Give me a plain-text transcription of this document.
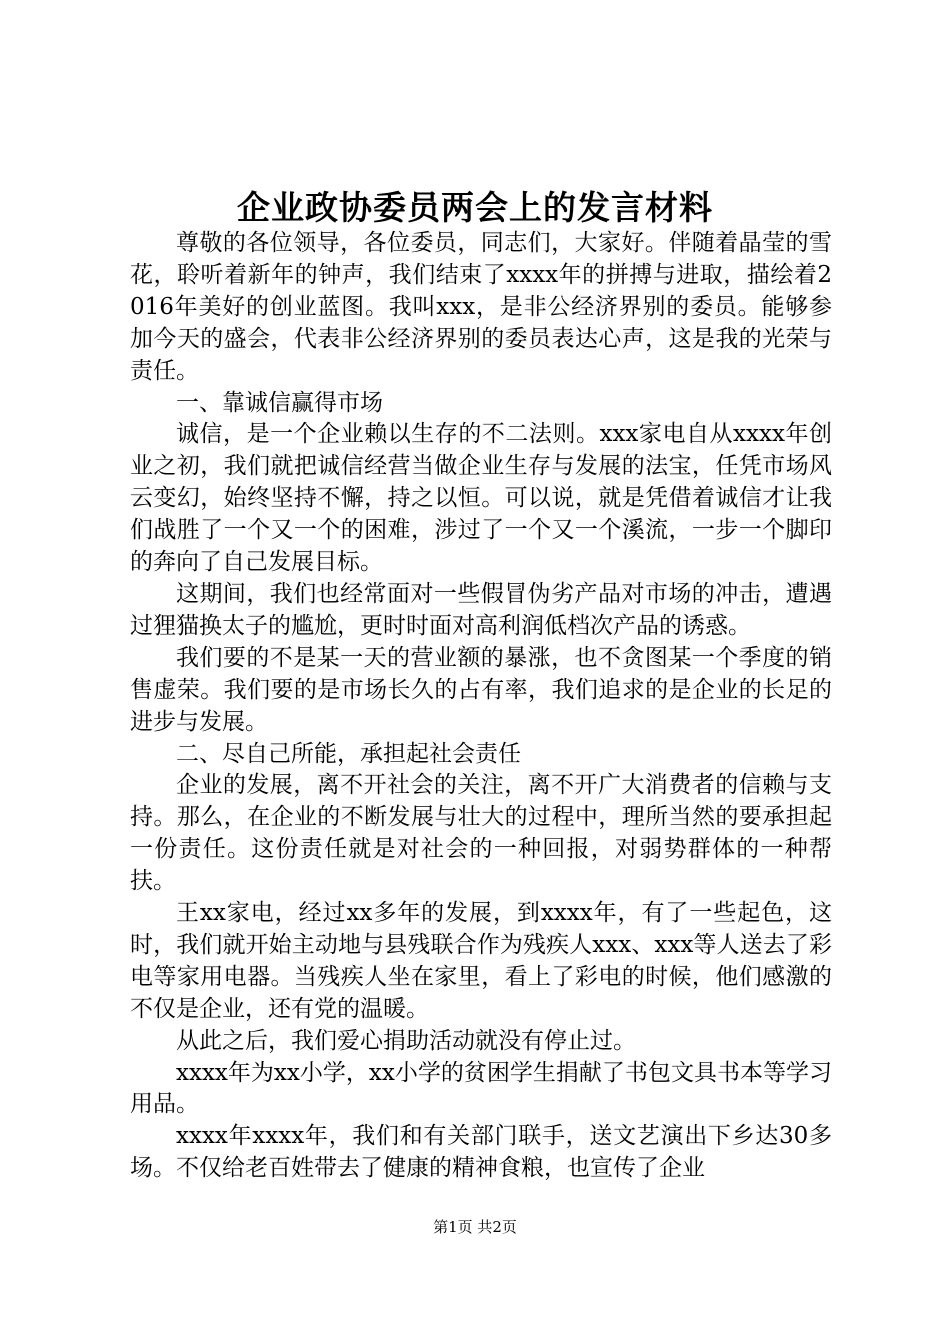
企业政协委员两会上的发言材料

尊敬的各位领导，各位委员，同志们，大家好。伴随着晶莹的雪花，聆听着新年的钟声，我们结束了xxxx年的拼搏与进取，描绘着2016年美好的创业蓝图。我叫xxx，是非公经济界别的委员。能够参加今天的盛会，代表非公经济界别的委员表达心声，这是我的光荣与责任。

一、靠诚信赢得市场

诚信，是一个企业赖以生存的不二法则。xxx家电自从xxxx年创业之初，我们就把诚信经营当做企业生存与发展的法宝，任凭市场风云变幻，始终坚持不懈，持之以恒。可以说，就是凭借着诚信才让我们战胜了一个又一个的困难，涉过了一个又一个溪流，一步一个脚印的奔向了自己发展目标。

这期间，我们也经常面对一些假冒伪劣产品对市场的冲击，遭遇过狸猫换太子的尴尬，更时时面对高利润低档次产品的诱惑。

我们要的不是某一天的营业额的暴涨，也不贪图某一个季度的销售虚荣。我们要的是市场长久的占有率，我们追求的是企业的长足的进步与发展。

二、尽自己所能，承担起社会责任

企业的发展，离不开社会的关注，离不开广大消费者的信赖与支持。那么，在企业的不断发展与壮大的过程中，理所当然的要承担起一份责任。这份责任就是对社会的一种回报，对弱势群体的一种帮扶。

王xx家电，经过xx多年的发展，到xxxx年，有了一些起色，这时，我们就开始主动地与县残联合作为残疾人xxx、xxx等人送去了彩电等家用电器。当残疾人坐在家里，看上了彩电的时候，他们感激的不仅是企业，还有党的温暖。

从此之后，我们爱心捐助活动就没有停止过。

xxxx年为xx小学，xx小学的贫困学生捐献了书包文具书本等学习用品。

xxxx年xxxx年，我们和有关部门联手，送文艺演出下乡达30多场。不仅给老百姓带去了健康的精神食粮，也宣传了企业

第1页 共2页
